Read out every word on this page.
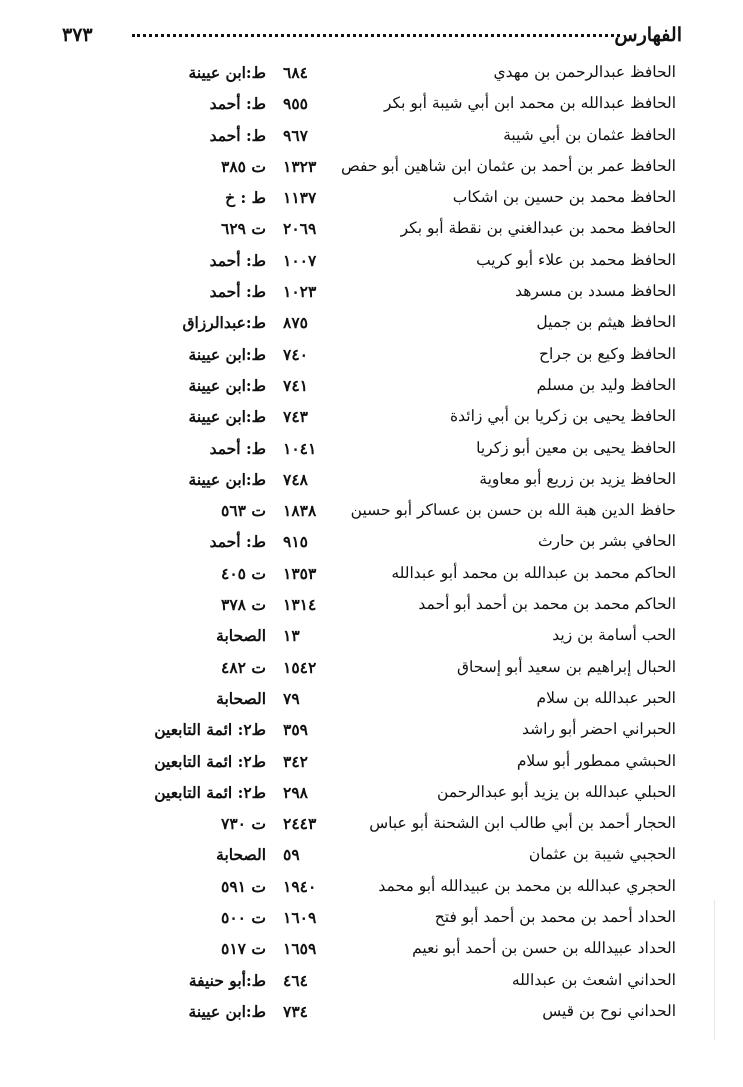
الفهارس
٣٧٣
الحافظ عبدالرحمن بن مهدي
٦٨٤
ط:ابن عيينة
الحافظ عبدالله بن محمد ابن أبي شيبة أبو بكر
٩٥٥
ط: أحمد
الحافظ عثمان بن أبي شيبة
٩٦٧
ط: أحمد
الحافظ عمر بن أحمد بن عثمان ابن شاهين أبو حفص
١٣٢٣
ت ٣٨٥
الحافظ محمد بن حسين بن اشكاب
١١٣٧
ط : خ
الحافظ محمد بن عبدالغني بن نقطة أبو بكر
٢٠٦٩
ت ٦٢٩
الحافظ محمد بن علاء أبو كريب
١٠٠٧
ط: أحمد
الحافظ مسدد بن مسرهد
١٠٢٣
ط: أحمد
الحافظ هيثم بن جميل
٨٧٥
ط:عبدالرزاق
الحافظ وكيع بن جراح
٧٤٠
ط:ابن عيينة
الحافظ وليد بن مسلم
٧٤١
ط:ابن عيينة
الحافظ يحيى بن زكريا بن أبي زائدة
٧٤٣
ط:ابن عيينة
الحافظ يحيى بن معين أبو زكريا
١٠٤١
ط: أحمد
الحافظ يزيد بن زريع أبو معاوية
٧٤٨
ط:ابن عيينة
حافظ الدين هبة الله بن حسن بن عساكر أبو حسين
١٨٣٨
ت ٥٦٣
الحافي بشر بن حارث
٩١٥
ط: أحمد
الحاكم محمد بن عبدالله بن محمد أبو عبدالله
١٣٥٣
ت ٤٠٥
الحاكم محمد بن محمد بن أحمد أبو أحمد
١٣١٤
ت ٣٧٨
الحب أسامة بن زيد
١٣
الصحابة
الحبال إبراهيم بن سعيد أبو إسحاق
١٥٤٢
ت ٤٨٢
الحبر عبدالله بن سلام
٧٩
الصحابة
الحبراني احضر أبو راشد
٣٥٩
ط٢: ائمة التابعين
الحبشي ممطور أبو سلام
٣٤٢
ط٢: ائمة التابعين
الحبلي عبدالله بن يزيد أبو عبدالرحمن
٢٩٨
ط٢: ائمة التابعين
الحجار أحمد بن أبي طالب ابن الشحنة أبو عباس
٢٤٤٣
ت ٧٣٠
الحجبي شيبة بن عثمان
٥٩
الصحابة
الحجري عبدالله بن محمد بن عبيدالله أبو محمد
١٩٤٠
ت ٥٩١
الحداد أحمد بن محمد بن أحمد أبو فتح
١٦٠٩
ت ٥٠٠
الحداد عبيدالله بن حسن بن أحمد أبو نعيم
١٦٥٩
ت ٥١٧
الحداني اشعث بن عبدالله
٤٦٤
ط:أبو حنيفة
الحداني نوح بن قيس
٧٣٤
ط:ابن عيينة
